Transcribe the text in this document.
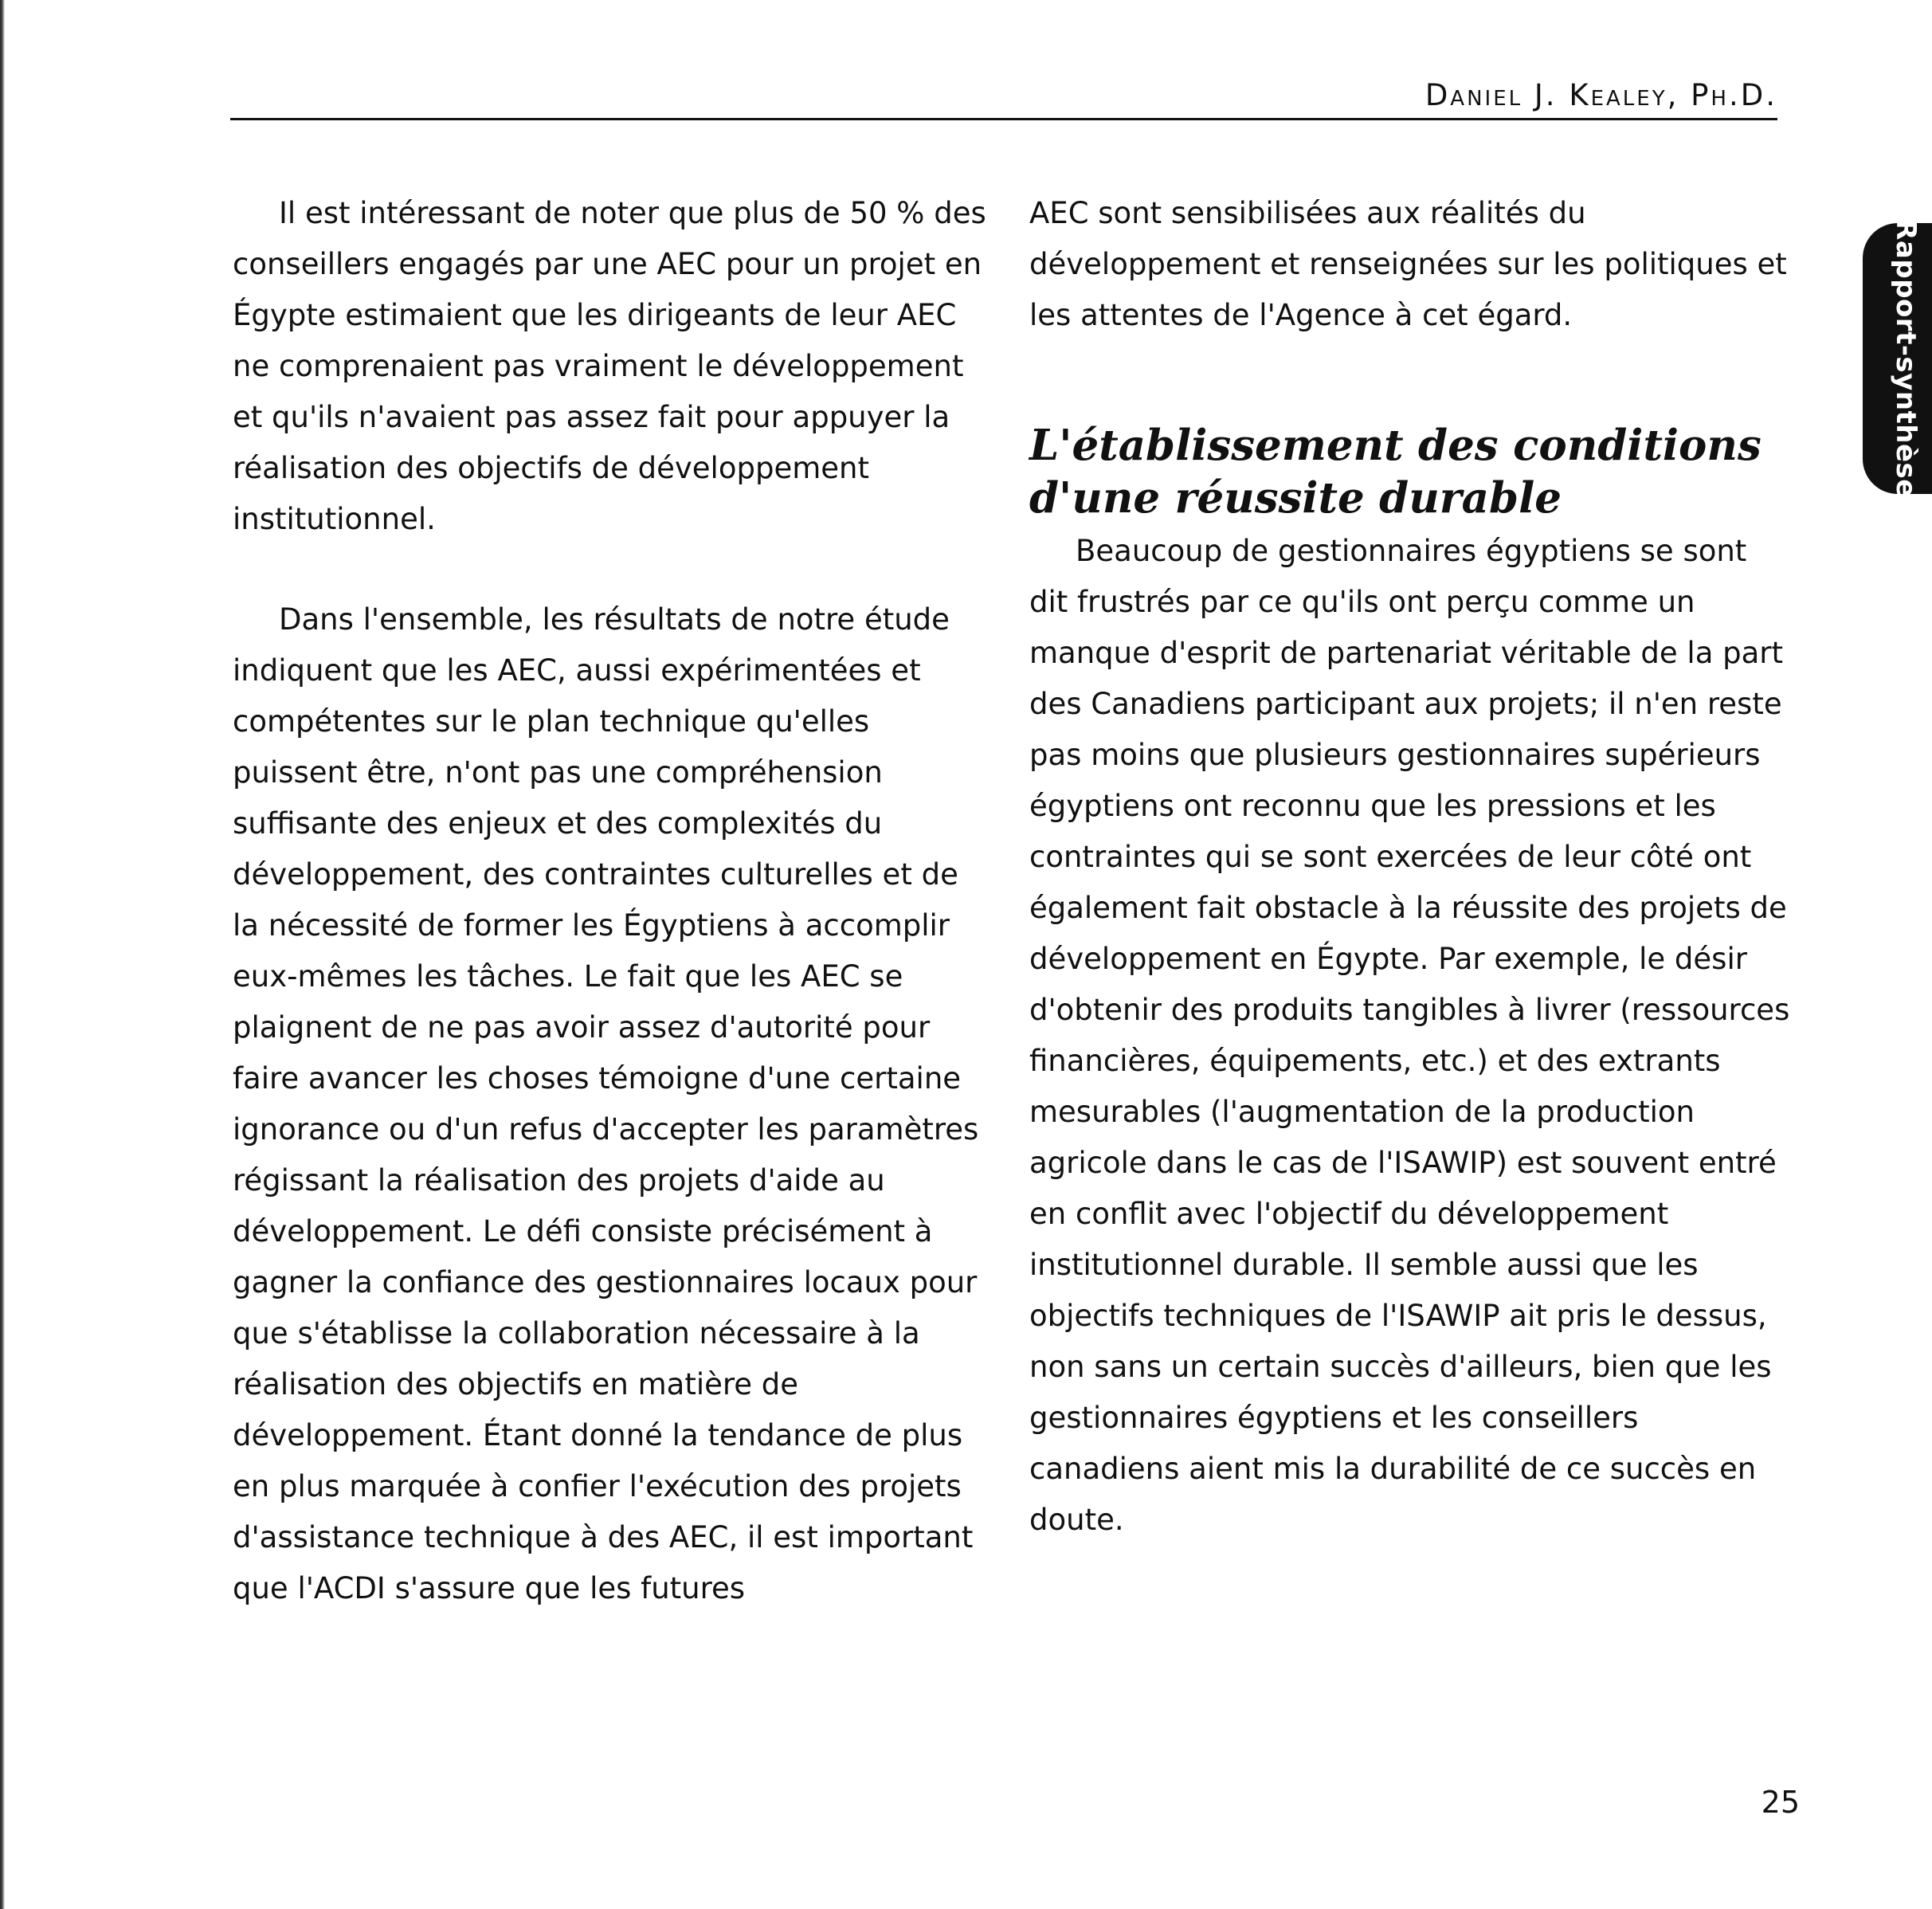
Daniel J. Kealey, Ph.D.

Il est intéressant de noter que plus de 50 % des conseillers engagés par une AEC pour un projet en Égypte estimaient que les dirigeants de leur AEC ne comprenaient pas vraiment le développement et qu'ils n'avaient pas assez fait pour appuyer la réalisation des objectifs de développement institutionnel.

Dans l'ensemble, les résultats de notre étude indiquent que les AEC, aussi expérimentées et compétentes sur le plan technique qu'elles puissent être, n'ont pas une compréhension suffisante des enjeux et des complexités du développement, des contraintes culturelles et de la nécessité de former les Égyptiens à accomplir eux-mêmes les tâches. Le fait que les AEC se plaignent de ne pas avoir assez d'autorité pour faire avancer les choses témoigne d'une certaine ignorance ou d'un refus d'accepter les paramètres régissant la réalisation des projets d'aide au développement. Le défi consiste précisément à gagner la confiance des gestionnaires locaux pour que s'établisse la collaboration nécessaire à la réalisation des objectifs en matière de développement. Étant donné la tendance de plus en plus marquée à confier l'exécution des projets d'assistance technique à des AEC, il est important que l'ACDI s'assure que les futures

AEC sont sensibilisées aux réalités du développement et renseignées sur les politiques et les attentes de l'Agence à cet égard.

L'établissement des conditions d'une réussite durable

Beaucoup de gestionnaires égyptiens se sont dit frustrés par ce qu'ils ont perçu comme un manque d'esprit de partenariat véritable de la part des Canadiens participant aux projets; il n'en reste pas moins que plusieurs gestionnaires supérieurs égyptiens ont reconnu que les pressions et les contraintes qui se sont exercées de leur côté ont également fait obstacle à la réussite des projets de développement en Égypte. Par exemple, le désir d'obtenir des produits tangibles à livrer (ressources financières, équipements, etc.) et des extrants mesurables (l'augmentation de la production agricole dans le cas de l'ISAWIP) est souvent entré en conflit avec l'objectif du développement institutionnel durable. Il semble aussi que les objectifs techniques de l'ISAWIP ait pris le dessus, non sans un certain succès d'ailleurs, bien que les gestionnaires égyptiens et les conseillers canadiens aient mis la durabilité de ce succès en doute.

Rapport-synthèse
25
